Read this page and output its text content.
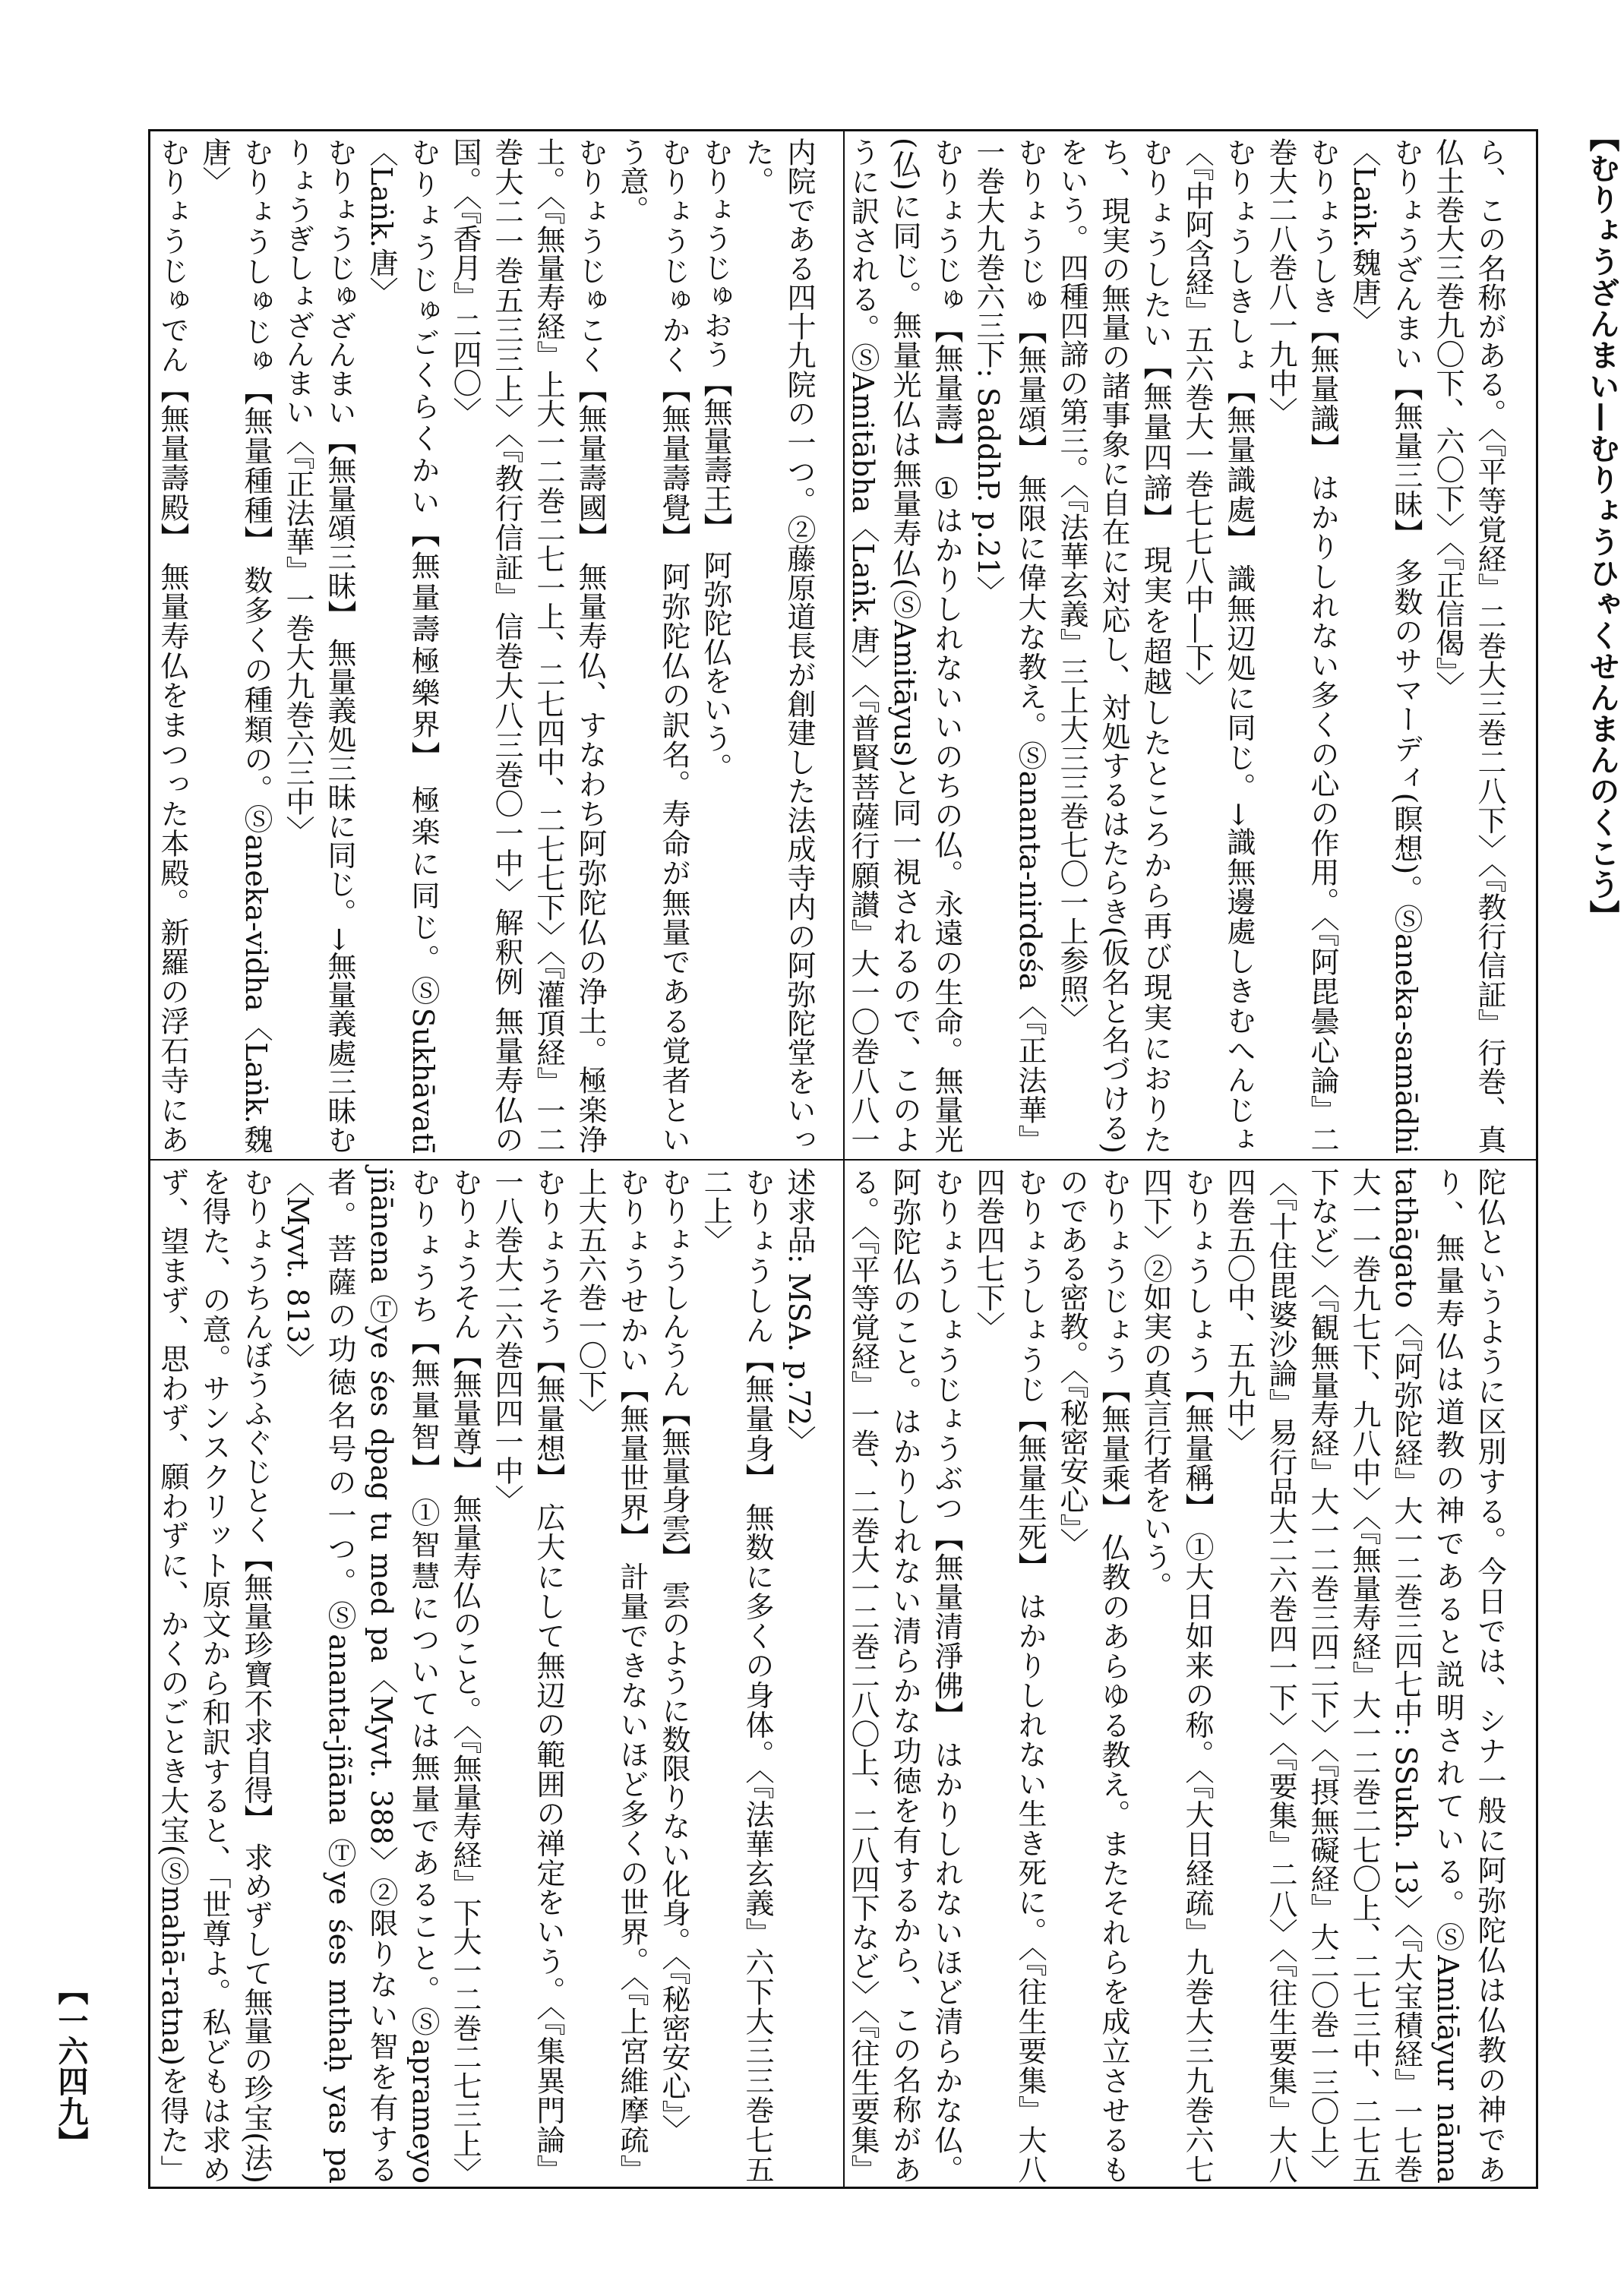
ら、この名称がある。〈『平等覚経』二巻大三巻二八下〉〈『教行信証』行巻、真仏土巻大三巻九〇下、六〇下〉〈『正信偈』〉

むりょうざんまい【無量三昧】 多数のサマーディ(瞑想)。Ⓢaneka-samādhi〈Laṅk.魏唐〉

むりょうしき【無量識】 はかりしれない多くの心の作用。〈『阿毘曇心論』二巻大二八巻八一九中〉

むりょうしきしょ【無量識處】 識無辺処に同じ。→識無邊處しきむへんじょ〈『中阿含経』五六巻大一巻七七八中―下〉

むりょうしたい【無量四諦】 現実を超越したところから再び現実におりたち、現実の無量の諸事象に自在に対応し、対処するはたらき(仮名と名づける)をいう。四種四諦の第三。〈『法華玄義』三上大三三巻七〇一上参照〉

むりょうじゅ【無量頌】 無限に偉大な教え。Ⓢananta-nirdeśa〈『正法華』一巻大九巻六三下: SaddhP. p.21〉

むりょうじゅ【無量壽】 ①はかりしれないいのちの仏。永遠の生命。無量光(仏)に同じ。無量光仏は無量寿仏(ⓈAmitāyus)と同一視されるので、このように訳される。ⓈAmitābha〈Laṅk.唐〉〈『普賢菩薩行願讃』大一〇巻八八一

内院である四十九院の一つ。②藤原道長が創建した法成寺内の阿弥陀堂をいった。

むりょうじゅおう【無量壽王】 阿弥陀仏をいう。

むりょうじゅかく【無量壽覺】 阿弥陀仏の訳名。寿命が無量である覚者という意。

むりょうじゅこく【無量壽國】 無量寿仏、すなわち阿弥陀仏の浄土。極楽浄土。〈『無量寿経』上大一二巻二七一上、二七四中、二七七下〉〈『灌頂経』一二巻大二一巻五三三上〉〈『教行信証』信巻大八三巻〇一中〉解釈例 無量寿仏の国。〈『香月』二四〇〉

むりょうじゅごくらくかい【無量壽極樂界】 極楽に同じ。ⓈSukhāvatī〈Laṅk.唐〉

むりょうじゅざんまい【無量頌三昧】 無量義処三昧に同じ。→無量義處三昧むりょうぎしょざんまい〈『正法華』一巻大九巻六三中〉

むりょうしゅじゅ【無量種種】 数多くの種類の。Ⓢaneka-vidha〈Laṅk.魏唐〉

むりょうじゅでん【無量壽殿】 無量寿仏をまつった本殿。新羅の浮石寺にあ

陀仏というように区別する。今日では、シナ一般に阿弥陀仏は仏教の神であり、無量寿仏は道教の神であると説明されている。ⓈAmitāyur nāma tathāgato〈『阿弥陀経』大一二巻三四七中: SSukh. 13〉〈『大宝積経』一七巻大一一巻九七下、九八中〉〈『無量寿経』大一二巻二七〇上、二七三中、二七五下など〉〈『観無量寿経』大一二巻三四二下〉〈『摂無礙経』大二〇巻一三〇上〉〈『十住毘婆沙論』易行品大二六巻四一下〉〈『要集』二八〉〈『往生要集』大八四巻五〇中、五九中〉

むりょうしょう【無量稱】 ①大日如来の称。〈『大日経疏』九巻大三九巻六七四下〉②如実の真言行者をいう。

むりょうじょう【無量乘】 仏教のあらゆる教え。またそれらを成立させるものである密教。〈『秘密安心』〉

むりょうしょうじ【無量生死】 はかりしれない生き死に。〈『往生要集』大八四巻四七下〉

むりょうしょうじょうぶつ【無量清淨佛】 はかりしれないほど清らかな仏。阿弥陀仏のこと。はかりしれない清らかな功徳を有するから、この名称がある。〈『平等覚経』一巻、二巻大一二巻二八〇上、二八四下など〉〈『往生要集』

述求品: MSA. p.72〉

むりょうしん【無量身】 無数に多くの身体。〈『法華玄義』六下大三三巻七五二上〉

むりょうしんうん【無量身雲】 雲のように数限りない化身。〈『秘密安心』〉

むりょうせかい【無量世界】 計量できないほど多くの世界。〈『上宮維摩疏』上大五六巻一〇下〉

むりょうそう【無量想】 広大にして無辺の範囲の禅定をいう。〈『集異門論』一八巻大二六巻四四一中〉

むりょうそん【無量尊】 無量寿仏のこと。〈『無量寿経』下大一二巻二七三上〉

むりょうち【無量智】 ①智慧については無量であること。Ⓢaprameyo jñānena Ⓣye śes dpag tu med pa〈Myvt. 388〉②限りない智を有する者。菩薩の功徳名号の一つ。Ⓢananta-jñāna Ⓣye śes mthaḥ yas pa〈Myvt. 813〉

むりょうちんぼうふぐじとく【無量珍寶不求自得】 求めずして無量の珍宝(法)を得た、の意。サンスクリット原文から和訳すると、「世尊よ。私どもは求めず、望まず、思わず、願わずに、かくのごとき大宝(Ⓢmahā-ratna)を得た」

【むりょうざんまい—むりょうひゃくせんまんのくこう】
【一六四九】
